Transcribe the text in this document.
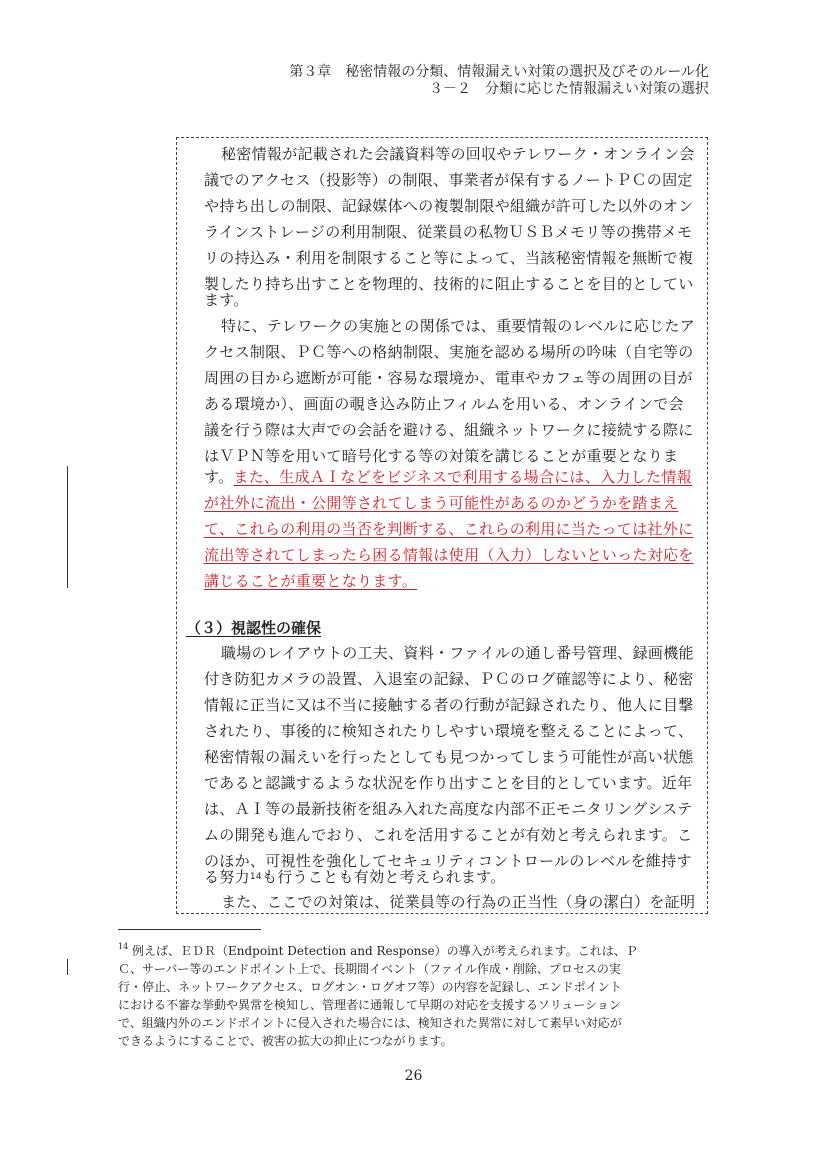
第３章　秘密情報の分類、情報漏えい対策の選択及びそのルール化
３－２　分類に応じた情報漏えい対策の選択
秘密情報が記載された会議資料等の回収やテレワーク・オンライン会
議でのアクセス（投影等）の制限、事業者が保有するノートＰＣの固定
や持ち出しの制限、記録媒体への複製制限や組織が許可した以外のオン
ラインストレージの利用制限、従業員の私物ＵＳＢメモリ等の携帯メモ
リの持込み・利用を制限すること等によって、当該秘密情報を無断で複
製したり持ち出すことを物理的、技術的に阻止することを目的としてい
ます。
特に、テレワークの実施との関係では、重要情報のレベルに応じたア
クセス制限、ＰＣ等への格納制限、実施を認める場所の吟味（自宅等の
周囲の目から遮断が可能・容易な環境か、電車やカフェ等の周囲の目が
ある環境か）、画面の覗き込み防止フィルムを用いる、オンラインで会
議を行う際は大声での会話を避ける、組織ネットワークに接続する際に
はＶＰＮ等を用いて暗号化する等の対策を講じることが重要となりま
す。また、生成ＡＩなどをビジネスで利用する場合には、入力した情報
が社外に流出・公開等されてしまう可能性があるのかどうかを踏まえ
て、これらの利用の当否を判断する、これらの利用に当たっては社外に
流出等されてしまったら困る情報は使用（入力）しないといった対応を
講じることが重要となります。
（３）視認性の確保
職場のレイアウトの工夫、資料・ファイルの通し番号管理、録画機能
付き防犯カメラの設置、入退室の記録、ＰＣのログ確認等により、秘密
情報に正当に又は不当に接触する者の行動が記録されたり、他人に目撃
されたり、事後的に検知されたりしやすい環境を整えることによって、
秘密情報の漏えいを行ったとしても見つかってしまう可能性が高い状態
であると認識するような状況を作り出すことを目的としています。近年
は、ＡＩ等の最新技術を組み入れた高度な内部不正モニタリングシステ
ムの開発も進んでおり、これを活用することが有効と考えられます。こ
のほか、可視性を強化してセキュリティコントロールのレベルを維持す
る努力$^{14}$も行うことも有効と考えられます。
また、ここでの対策は、従業員等の行為の正当性（身の潔白）を証明
$^{14}$ 例えば、ＥＤＲ（Endpoint Detection and Response）の導入が考えられます。これは、Ｐ
Ｃ、サーバー等のエンドポイント上で、長期間イベント（ファイル作成・削除、プロセスの実
行・停止、ネットワークアクセス、ログオン・ログオフ等）の内容を記録し、エンドポイント
における不審な挙動や異常を検知し、管理者に通報して早期の対応を支援するソリューション
で、組織内外のエンドポイントに侵入された場合には、検知された異常に対して素早い対応が
できるようにすることで、被害の拡大の抑止につながります。
26
